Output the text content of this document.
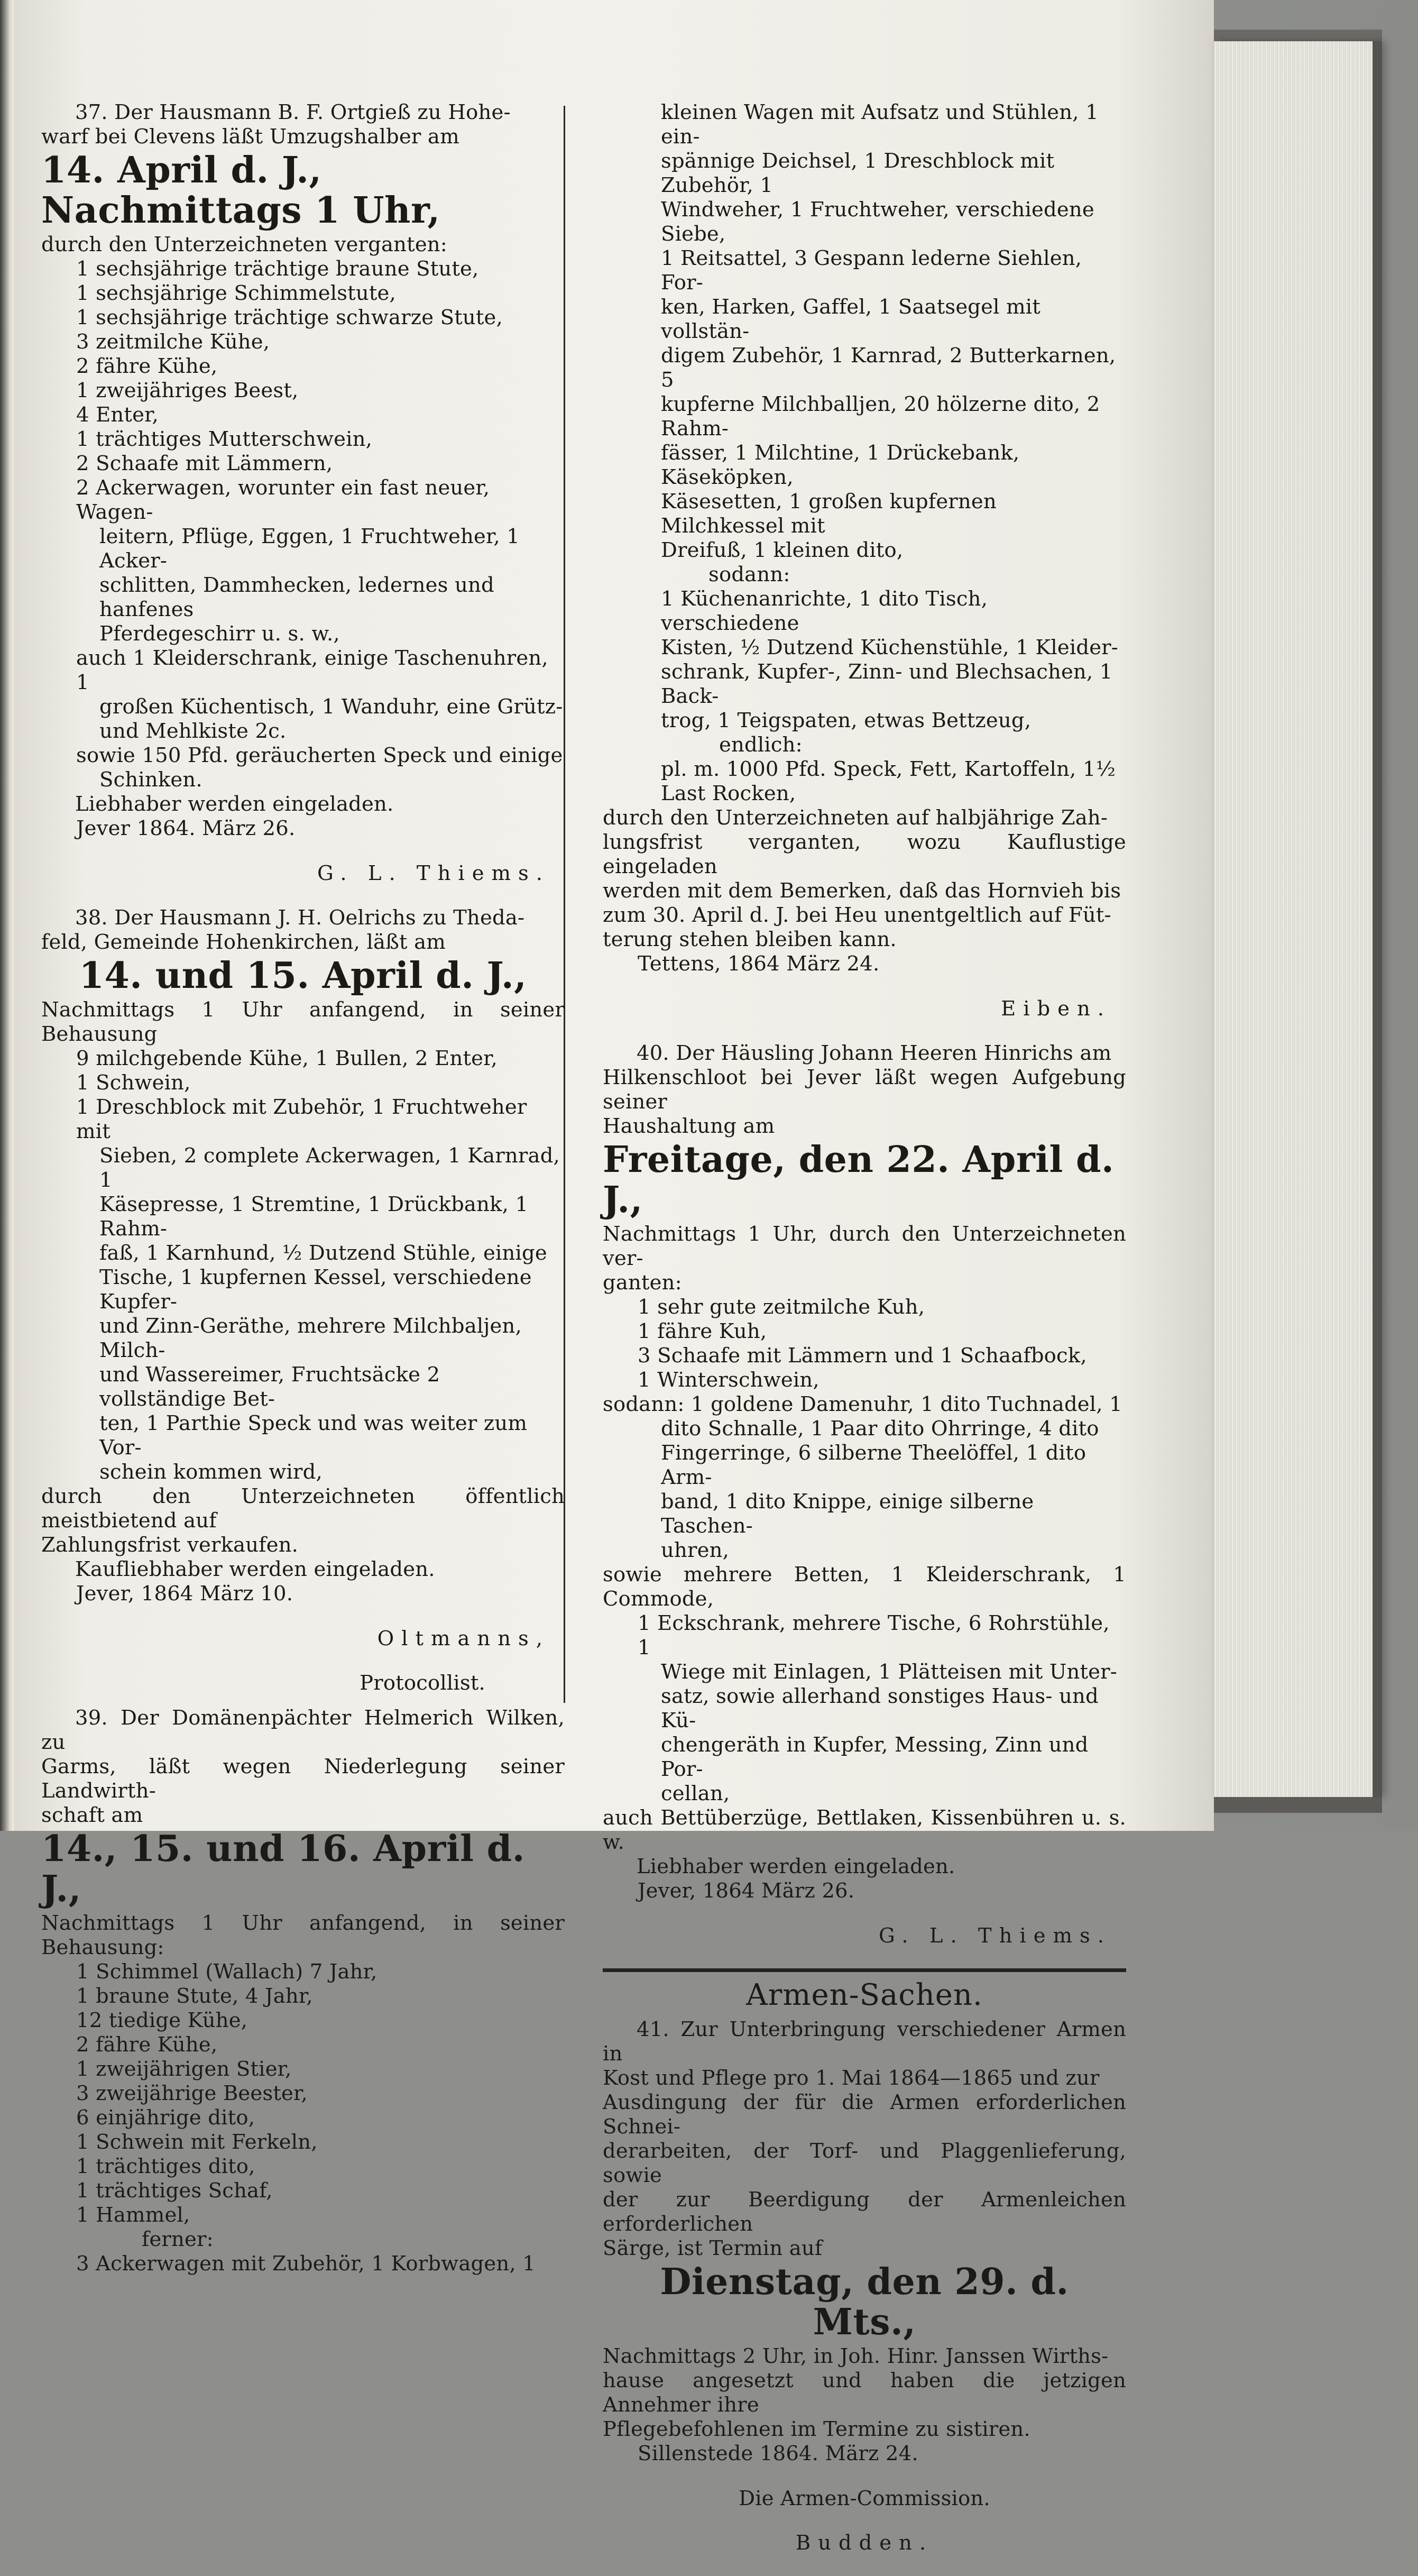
37. Der Hausmann B. F. Ortgieß zu Hohe-

warf bei Clevens läßt Umzugshalber am

14. April d. J., Nachmittags 1 Uhr,

durch den Unterzeichneten verganten:

1 sechsjährige trächtige braune Stute,

1 sechsjährige Schimmelstute,

1 sechsjährige trächtige schwarze Stute,

3 zeitmilche Kühe,

2 fähre Kühe,

1 zweijähriges Beest,

4 Enter,

1 trächtiges Mutterschwein,

2 Schaafe mit Lämmern,

2 Ackerwagen, worunter ein fast neuer, Wagen-

leitern, Pflüge, Eggen, 1 Fruchtweher, 1 Acker-

schlitten, Dammhecken, ledernes und hanfenes

Pferdegeschirr u. s. w.,

auch 1 Kleiderschrank, einige Taschenuhren, 1

großen Küchentisch, 1 Wanduhr, eine Grütz-

und Mehlkiste 2c.

sowie 150 Pfd. geräucherten Speck und einige

Schinken.

Liebhaber werden eingeladen.

Jever 1864. März 26.

G. L. Thiems.

38. Der Hausmann J. H. Oelrichs zu Theda-

feld, Gemeinde Hohenkirchen, läßt am

14. und 15. April d. J.,

Nachmittags 1 Uhr anfangend, in seiner Behausung

9 milchgebende Kühe, 1 Bullen, 2 Enter,

1 Schwein,

1 Dreschblock mit Zubehör, 1 Fruchtweher mit

Sieben, 2 complete Ackerwagen, 1 Karnrad, 1

Käsepresse, 1 Stremtine, 1 Drückbank, 1 Rahm-

faß, 1 Karnhund, ½ Dutzend Stühle, einige

Tische, 1 kupfernen Kessel, verschiedene Kupfer-

und Zinn-Geräthe, mehrere Milchbaljen, Milch-

und Wassereimer, Fruchtsäcke 2 vollständige Bet-

ten, 1 Parthie Speck und was weiter zum Vor-

schein kommen wird,

durch den Unterzeichneten öffentlich meistbietend auf

Zahlungsfrist verkaufen.

Kaufliebhaber werden eingeladen.

Jever, 1864 März 10.

Oltmanns,

Protocollist.

39. Der Domänenpächter Helmerich Wilken, zu

Garms, läßt wegen Niederlegung seiner Landwirth-

schaft am

14., 15. und 16. April d. J.,

Nachmittags 1 Uhr anfangend, in seiner Behausung:

1 Schimmel (Wallach) 7 Jahr,

1 braune Stute, 4 Jahr,

12 tiedige Kühe,

2 fähre Kühe,

1 zweijährigen Stier,

3 zweijährige Beester,

6 einjährige dito,

1 Schwein mit Ferkeln,

1 trächtiges dito,

1 trächtiges Schaf,

1 Hammel,

ferner:

3 Ackerwagen mit Zubehör, 1 Korbwagen, 1

kleinen Wagen mit Aufsatz und Stühlen, 1 ein-

spännige Deichsel, 1 Dreschblock mit Zubehör, 1

Windweher, 1 Fruchtweher, verschiedene Siebe,

1 Reitsattel, 3 Gespann lederne Siehlen, For-

ken, Harken, Gaffel, 1 Saatsegel mit vollstän-

digem Zubehör, 1 Karnrad, 2 Butterkarnen, 5

kupferne Milchballjen, 20 hölzerne dito, 2 Rahm-

fässer, 1 Milchtine, 1 Drückebank, Käseköpken,

Käsesetten, 1 großen kupfernen Milchkessel mit

Dreifuß, 1 kleinen dito,

sodann:

1 Küchenanrichte, 1 dito Tisch, verschiedene

Kisten, ½ Dutzend Küchenstühle, 1 Kleider-

schrank, Kupfer-, Zinn- und Blechsachen, 1 Back-

trog, 1 Teigspaten, etwas Bettzeug,

endlich:

pl. m. 1000 Pfd. Speck, Fett, Kartoffeln, 1½

Last Rocken,

durch den Unterzeichneten auf halbjährige Zah-

lungsfrist verganten, wozu Kauflustige eingeladen

werden mit dem Bemerken, daß das Hornvieh bis

zum 30. April d. J. bei Heu unentgeltlich auf Füt-

terung stehen bleiben kann.

Tettens, 1864 März 24.

Eiben.

40. Der Häusling Johann Heeren Hinrichs am

Hilkenschloot bei Jever läßt wegen Aufgebung seiner

Haushaltung am

Freitage, den 22. April d. J.,

Nachmittags 1 Uhr, durch den Unterzeichneten ver-

ganten:

1 sehr gute zeitmilche Kuh,

1 fähre Kuh,

3 Schaafe mit Lämmern und 1 Schaafbock,

1 Winterschwein,

sodann: 1 goldene Damenuhr, 1 dito Tuchnadel, 1

dito Schnalle, 1 Paar dito Ohrringe, 4 dito

Fingerringe, 6 silberne Theelöffel, 1 dito Arm-

band, 1 dito Knippe, einige silberne Taschen-

uhren,

sowie mehrere Betten, 1 Kleiderschrank, 1 Commode,

1 Eckschrank, mehrere Tische, 6 Rohrstühle, 1

Wiege mit Einlagen, 1 Plätteisen mit Unter-

satz, sowie allerhand sonstiges Haus- und Kü-

chengeräth in Kupfer, Messing, Zinn und Por-

cellan,

auch Bettüberzüge, Bettlaken, Kissenbühren u. s. w.

Liebhaber werden eingeladen.

Jever, 1864 März 26.

G. L. Thiems.

Armen-Sachen.

41. Zur Unterbringung verschiedener Armen in

Kost und Pflege pro 1. Mai 1864—1865 und zur

Ausdingung der für die Armen erforderlichen Schnei-

derarbeiten, der Torf- und Plaggenlieferung, sowie

der zur Beerdigung der Armenleichen erforderlichen

Särge, ist Termin auf

Dienstag, den 29. d. Mts.,

Nachmittags 2 Uhr, in Joh. Hinr. Janssen Wirths-

hause angesetzt und haben die jetzigen Annehmer ihre

Pflegebefohlenen im Termine zu sistiren.

Sillenstede 1864. März 24.

Die Armen-Commission.

Budden.
